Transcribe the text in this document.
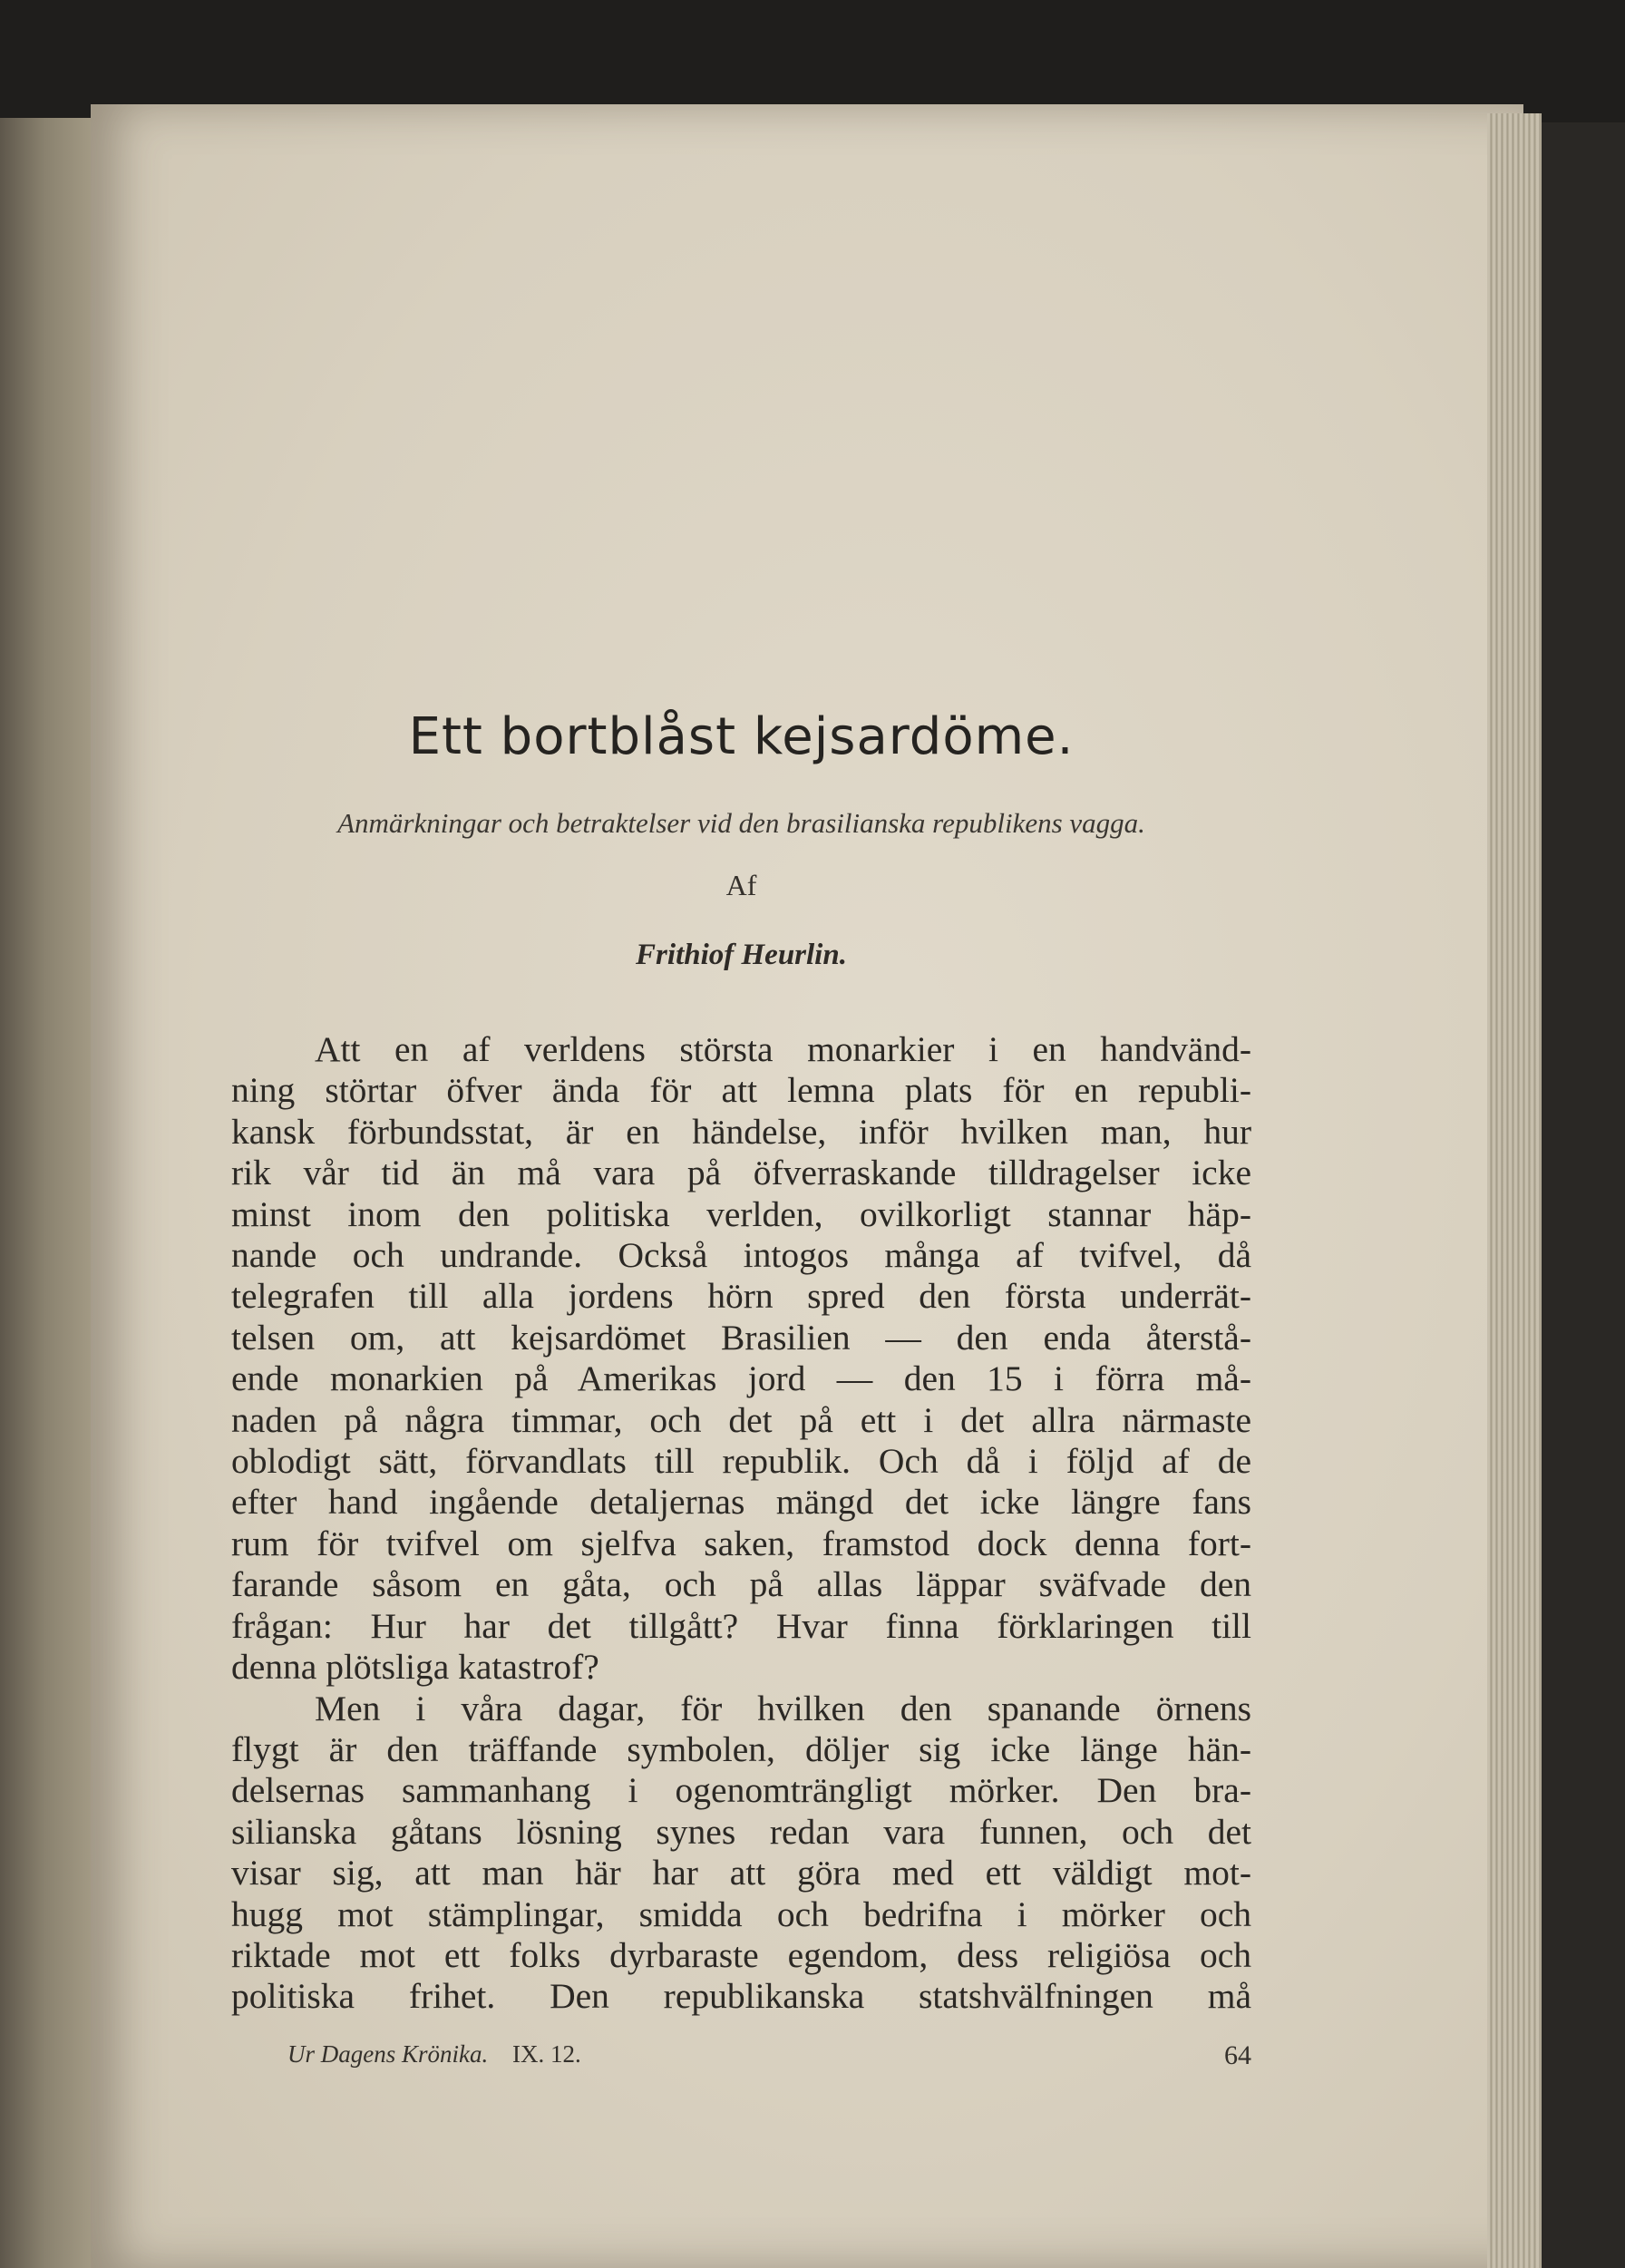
Ett bortblåst kejsardöme.
Anmärkningar och betraktelser vid den brasilianska republikens vagga.
Af
Frithiof Heurlin.
Att en af verldens största monarkier i en handvänd-
ning störtar öfver ända för att lemna plats för en republi-
kansk förbundsstat, är en händelse, inför hvilken man, hur
rik vår tid än må vara på öfverraskande tilldragelser icke
minst inom den politiska verlden, ovilkorligt stannar häp-
nande och undrande. Också intogos många af tvifvel, då
telegrafen till alla jordens hörn spred den första underrät-
telsen om, att kejsardömet Brasilien — den enda återstå-
ende monarkien på Amerikas jord — den 15 i förra må-
naden på några timmar, och det på ett i det allra närmaste
oblodigt sätt, förvandlats till republik. Och då i följd af de
efter hand ingående detaljernas mängd det icke längre fans
rum för tvifvel om sjelfva saken, framstod dock denna fort-
farande såsom en gåta, och på allas läppar sväfvade den
frågan: Hur har det tillgått? Hvar finna förklaringen till
denna plötsliga katastrof?
Men i våra dagar, för hvilken den spanande örnens
flygt är den träffande symbolen, döljer sig icke länge hän-
delsernas sammanhang i ogenomträngligt mörker. Den bra-
silianska gåtans lösning synes redan vara funnen, och det
visar sig, att man här har att göra med ett väldigt mot-
hugg mot stämplingar, smidda och bedrifna i mörker och
riktade mot ett folks dyrbaraste egendom, dess religiösa och
politiska frihet. Den republikanska statshvälfningen må
Ur Dagens Krönika. IX. 12.	64
